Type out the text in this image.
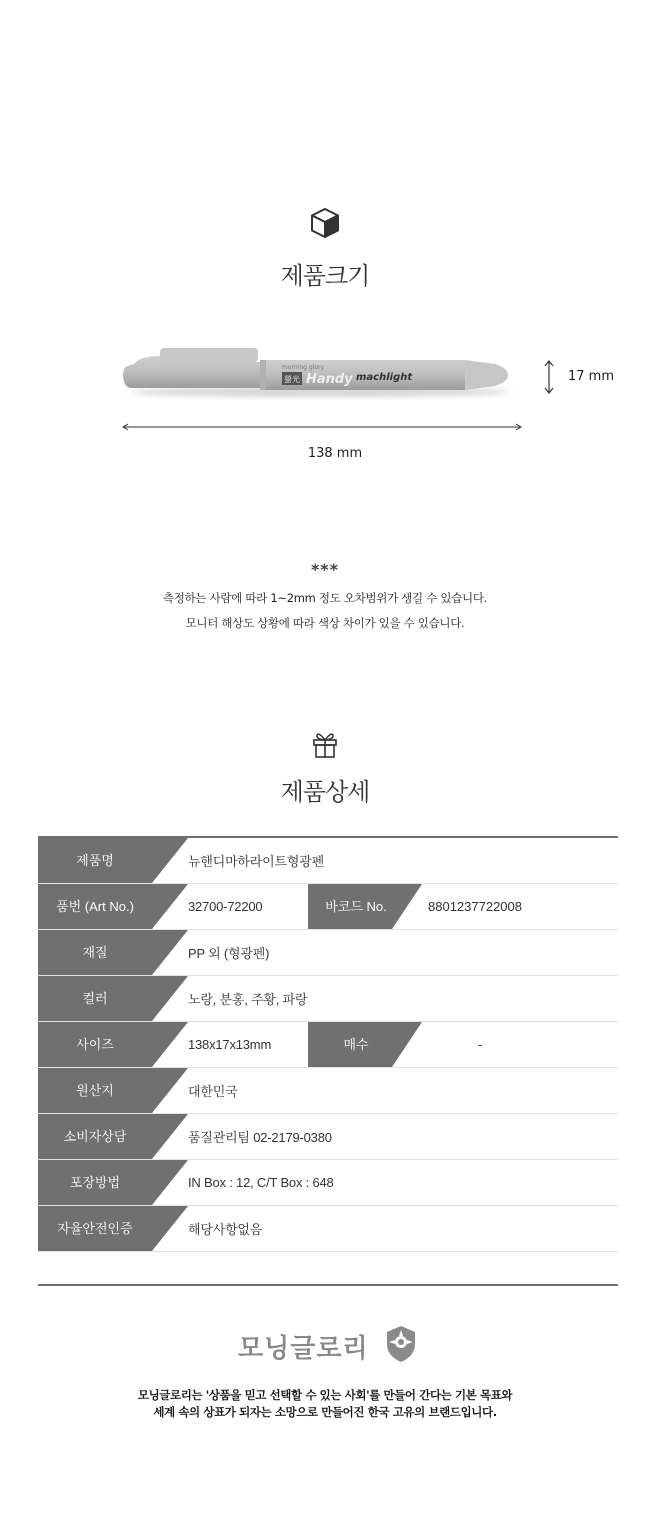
제품크기
morning glory
螢光 Handy machlight	17 mm
138 mm
***
측정하는 사람에 따라 1~2mm 정도 오차범위가 생길 수 있습니다.
모니터 해상도 상황에 따라 색상 차이가 있을 수 있습니다.
제품상세
제품명	뉴핸디마하라이트형광펜		

품번 (Art No.)	32700-72200	바코드 No.	8801237722008

재질	PP 외 (형광펜)		

컬러	노랑, 분홍, 주황, 파랑		

사이즈	138x17x13mm	매수	-

원산지	대한민국		

소비자상담	품질관리팀 02-2179-0380		

포장방법	IN Box : 12, C/T Box : 648		

자율안전인증	해당사항없음		
모닝글로리
모닝글로리는 '상품을 믿고 선택할 수 있는 사회'를 만들어 간다는 기본 목표와
세계 속의 상표가 되자는 소망으로 만들어진 한국 고유의 브랜드입니다.
